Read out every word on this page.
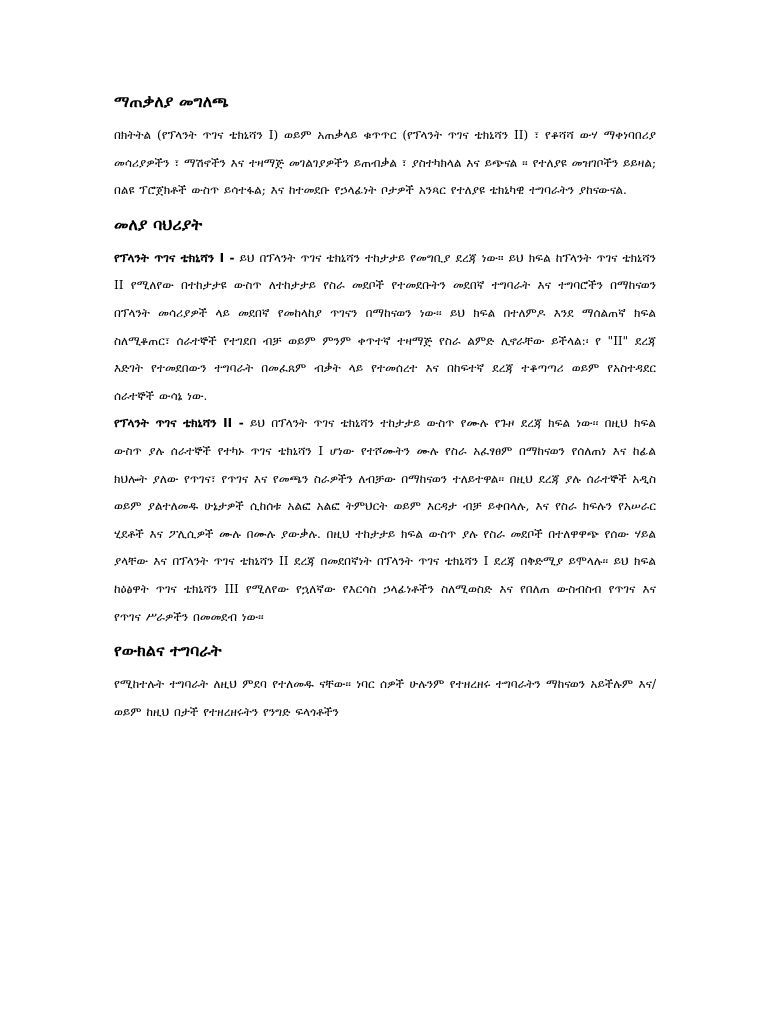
ማጠቃለያ መግለጫ

በክትትል (የፕላንት ጥገና ቴክኒሻን I) ወይም አጠቃላይ ቁጥጥር (የፕላንት ጥገና ቴክኒሻን II) ፣ የቆሻሻ ውሃ ማቀነባበሪያ መሳሪያዎችን ፣ ማሽኖችን እና ተዛማጅ መገልገያዎችን ይጠብቃል ፣ ያስተካክላል እና ይጭናል ፡፡ የተለያዩ መዝገቦችን ይይዛል; በልዩ ፕሮጀክቶች ውስጥ ይሳተፋል; እና ከተመደቡ የኃላፊነት ቦታዎች አንጻር የተለያዩ ቴክኒካዊ ተግባራትን ያከናውናል.

መለያ ባህሪያት

የፕላንት ጥገና ቴክኒሻን I - ይህ በፕላንት ጥገና ቴክኒሻን ተከታታይ የመግቢያ ደረጃ ነው። ይህ ክፍል ከፕላንት ጥገና ቴክኒሻን II የሚለየው በተከታታዩ ውስጥ ለተከታታይ የስራ መደቦች የተመደቡትን መደበኛ ተግባራት እና ተግባሮችን በማከናወን በፕላንት መሳሪያዎች ላይ መደበኛ የመከላከያ ጥገናን በማከናወን ነው፡፡ ይህ ክፍል በተለምዶ እንደ ማሰልጠኛ ክፍል ስለሚቆጠር፣ ሰራተኞች የተገደበ ብቻ ወይም ምንም ቀጥተኛ ተዛማጅ የስራ ልምድ ሊኖራቸው ይችላል:፡ የ "II" ደረጃ እድገት የተመደበውን ተግባራት በመፈጸም ብቃት ላይ የተመሰረተ እና በከፍተኛ ደረጃ ተቆጣጣሪ ወይም የአስተዳደር ሰራተኞች ውሳኔ ነው.

የፕላንት ጥገና ቴክኒሻን II - ይህ በፕላንት ጥገና ቴክኒሻን ተከታታይ ውስጥ የሙሉ የጉዞ ደረጃ ክፍል ነው፡፡ በዚህ ክፍል ውስጥ ያሉ ሰራተኞች የተካኑ ጥገና ቴክኒሻን I ሆነው የተሾሙትን ሙሉ የስራ አፈፃፀም በማከናወን የሰለጠነ እና ከፊል ክህሎት ያለው የጥገና፣ የጥገና እና የመጫን ስራዎችን ለብቻው በማከናወን ተለይተዋል፡፡ በዚህ ደረጃ ያሉ ሰራተኞች አዲስ ወይም ያልተለመዱ ሁኔታዎች ሲከሰቱ አልፎ አልፎ ትምህርት ወይም እርዳታ ብቻ ይቀበላሉ, እና የስራ ክፍሉን የአሠራር ሂደቶች እና ፖሊሲዎች ሙሉ በሙሉ ያውቃሉ. በዚህ ተከታታይ ክፍል ውስጥ ያሉ የስራ መደቦች በተለዋዋጭ የሰው ሃይል ያላቸው እና በፕላንት ጥገና ቴክኒሻን II ደረጃ በመደበኛነት በፕላንት ጥገና ቴክኒሻን I ደረጃ በቅድሚያ ይሞላሉ፡፡ ይህ ክፍል ከዕፅዋት ጥገና ቴክኒሻን III የሚለየው የኋለኛው የእርሳስ ኃላፊነቶችን ስለሚወስድ እና የበለጠ ውስብስብ የጥገና እና የጥገና ሥራዎችን በመመደብ ነው፡፡

የውክልና ተግባራት

የሚከተሉት ተግባራት ለዚህ ምደባ የተለመዱ ናቸው፡፡ ነባር ሰዎች ሁሉንም የተዘረዘሩ ተግባራትን ማከናወን አይችሉም እና/ወይም ከዚህ በታች የተዘረዘሩትን የንግድ ፍላጎቶችን
